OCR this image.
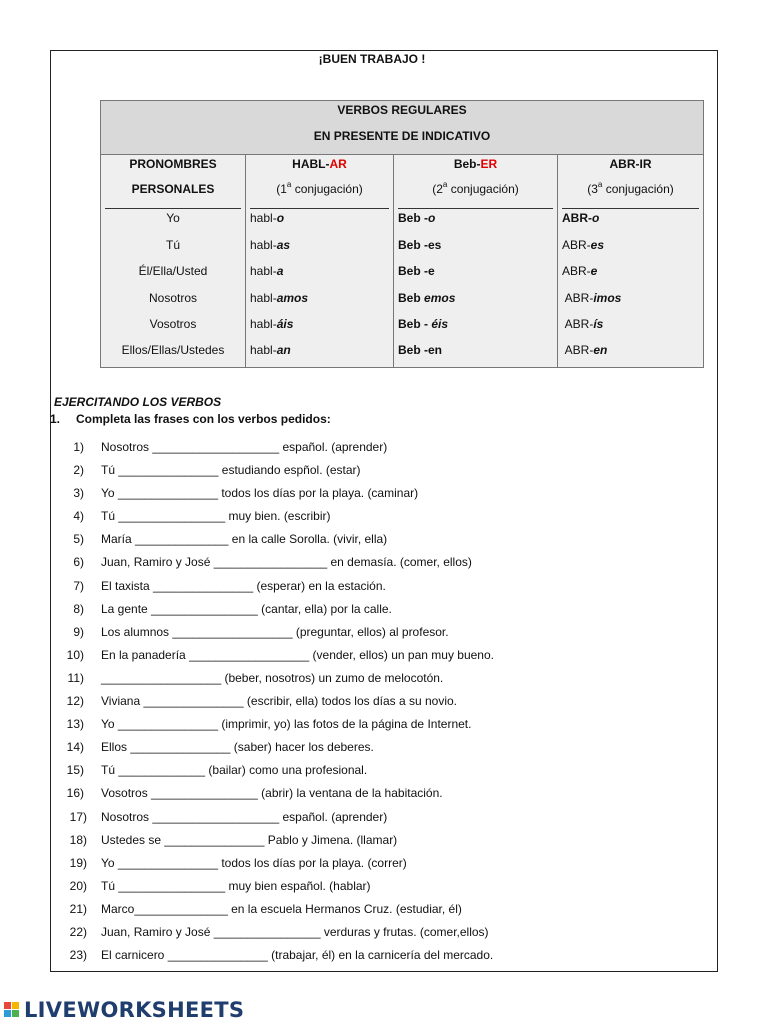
¡BUEN TRABAJO !
VERBOS REGULARES
EN PRESENTE DE INDICATIVO
PRONOMBRES
PERSONALES
Yo
Tú
Él/Ella/Usted
Nosotros
Vosotros
Ellos/Ellas/Ustedes
HABL-AR
(1$^a$ conjugación)
habl-o
habl-as
habl-a
habl-amos
habl-áis
habl-an
Beb-ER
(2$^a$ conjugación)
Beb -o
Beb -es
Beb -e
Beb emos
Beb - éis
Beb -en
ABR-IR
(3$^a$ conjugación)
ABR-o
ABR-es
ABR-e
ABR-imos
ABR-ís
ABR-en
EJERCITANDO LOS VERBOS
1. Completa las frases con los verbos pedidos:
1) Nosotros ___________________ español. (aprender)
2) Tú _______________ estudiando espñol. (estar)
3) Yo _______________ todos los días por la playa. (caminar)
4) Tú ________________ muy bien. (escribir)
5) María ______________ en la calle Sorolla. (vivir, ella)
6) Juan, Ramiro y José _________________ en demasía. (comer, ellos)
7) El taxista _______________ (esperar) en la estación.
8) La gente ________________ (cantar, ella) por la calle.
9) Los alumnos __________________ (preguntar, ellos) al profesor.
10) En la panadería __________________ (vender, ellos) un pan muy bueno.
11) __________________ (beber, nosotros) un zumo de melocotón.
12) Viviana _______________ (escribir, ella) todos los días a su novio.
13) Yo _______________ (imprimir, yo) las fotos de la página de Internet.
14) Ellos _______________ (saber) hacer los deberes.
15) Tú _____________ (bailar) como una profesional.
16) Vosotros ________________ (abrir) la ventana de la habitación.
17) Nosotros ___________________ español. (aprender)
18) Ustedes se _______________ Pablo y Jimena. (llamar)
19) Yo _______________ todos los días por la playa. (correr)
20) Tú ________________ muy bien español. (hablar)
21) Marco______________ en la escuela Hermanos Cruz. (estudiar, él)
22) Juan, Ramiro y José ________________ verduras y frutas. (comer,ellos)
23) El carnicero _______________ (trabajar, él) en la carnicería del mercado.
LIVEWORKSHEETS
